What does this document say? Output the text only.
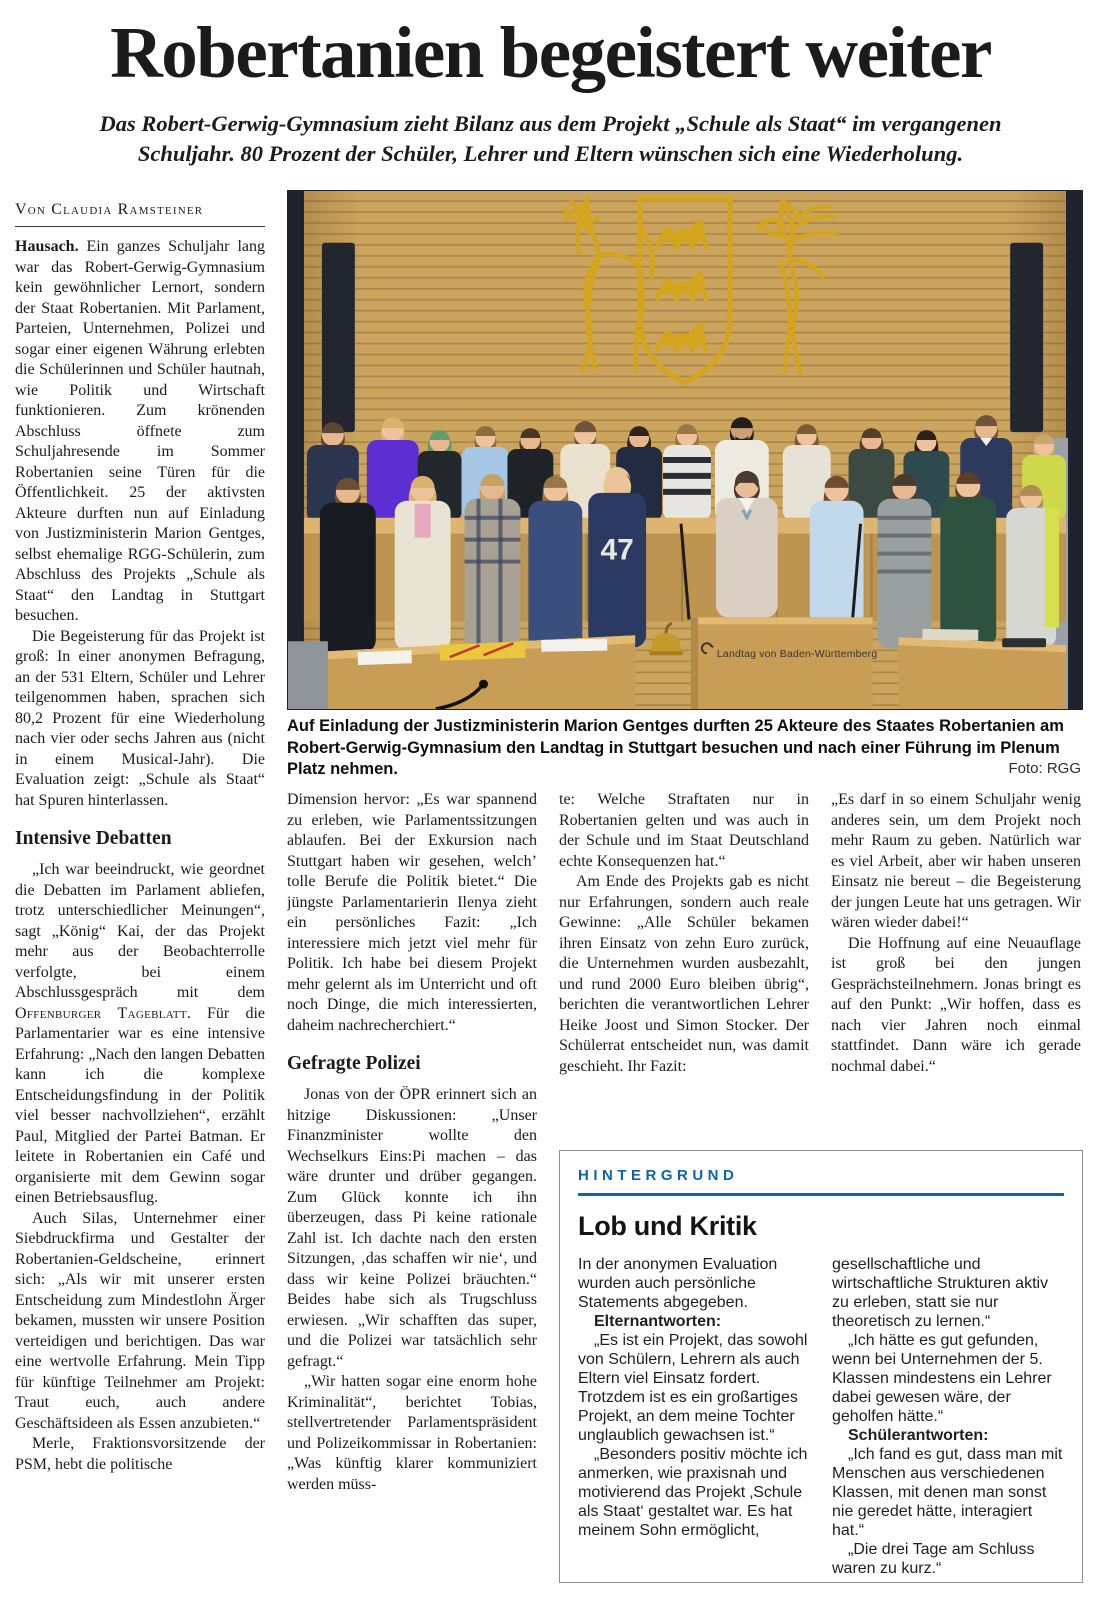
Robertanien begeistert weiter

Das Robert-Gerwig-Gymnasium zieht Bilanz aus dem Projekt „Schule als Staat“ im vergangenen Schuljahr. 80 Prozent der Schüler, Lehrer und Eltern wünschen sich eine Wiederholung.

Von Claudia Ramsteiner

Hausach. Ein ganzes Schuljahr lang war das Robert-Gerwig-Gymnasium kein gewöhnlicher Lernort, sondern der Staat Robertanien. Mit Parlament, Parteien, Unternehmen, Polizei und sogar einer eigenen Währung erlebten die Schülerinnen und Schüler hautnah, wie Politik und Wirtschaft funktionieren. Zum krönenden Abschluss öffnete zum Schuljahresende im Sommer Robertanien seine Türen für die Öffentlichkeit. 25 der aktivsten Akteure durften nun auf Einladung von Justizministerin Marion Gentges, selbst ehemalige RGG-Schülerin, zum Abschluss des Projekts „Schule als Staat“ den Landtag in Stuttgart besuchen.

Die Begeisterung für das Projekt ist groß: In einer anonymen Befragung, an der 531 Eltern, Schüler und Lehrer teilgenommen haben, sprachen sich 80,2 Prozent für eine Wiederholung nach vier oder sechs Jahren aus (nicht in einem Musical-Jahr). Die Evaluation zeigt: „Schule als Staat“ hat Spuren hinterlassen.

Intensive Debatten

„Ich war beeindruckt, wie geordnet die Debatten im Parlament abliefen, trotz unterschiedlicher Meinungen“, sagt „König“ Kai, der das Projekt mehr aus der Beobachterrolle verfolgte, bei einem Abschlussgespräch mit dem Offenburger Tageblatt. Für die Parlamentarier war es eine intensive Erfahrung: „Nach den langen Debatten kann ich die komplexe Entscheidungsfindung in der Politik viel besser nachvollziehen“, erzählt Paul, Mitglied der Partei Batman. Er leitete in Robertanien ein Café und organisierte mit dem Gewinn sogar einen Betriebsausflug.

Auch Silas, Unternehmer einer Siebdruckfirma und Gestalter der Robertanien-Geldscheine, erinnert sich: „Als wir mit unserer ersten Entscheidung zum Mindestlohn Ärger bekamen, mussten wir unsere Position verteidigen und berichtigen. Das war eine wertvolle Erfahrung. Mein Tipp für künftige Teilnehmer am Projekt: Traut euch, auch andere Geschäftsideen als Essen anzubieten.“

Merle, Fraktionsvorsitzende der PSM, hebt die politische

47
Landtag von Baden-Württemberg
Auf Einladung der Justizministerin Marion Gentges durften 25 Akteure des Staates Robertanien am Robert-Gerwig-Gymnasium den Landtag in Stuttgart besuchen und nach einer Führung im Plenum Platz nehmen.	Foto: RGG

Dimension hervor: „Es war spannend zu erleben, wie Parlamentssitzungen ablaufen. Bei der Exkursion nach Stuttgart haben wir gesehen, welch’ tolle Berufe die Politik bietet.“ Die jüngste Parlamentarierin Ilenya zieht ein persönliches Fazit: „Ich interessiere mich jetzt viel mehr für Politik. Ich habe bei diesem Projekt mehr gelernt als im Unterricht und oft noch Dinge, die mich interessierten, daheim nachrecherchiert.“

Gefragte Polizei

Jonas von der ÖPR erinnert sich an hitzige Diskussionen: „Unser Finanzminister wollte den Wechselkurs Eins:Pi machen – das wäre drunter und drüber gegangen. Zum Glück konnte ich ihn überzeugen, dass Pi keine rationale Zahl ist. Ich dachte nach den ersten Sitzungen, ‚das schaffen wir nie‘, und dass wir keine Polizei bräuchten.“ Beides habe sich als Trugschluss erwiesen. „Wir schafften das super, und die Polizei war tatsächlich sehr gefragt.“

„Wir hatten sogar eine enorm hohe Kriminalität“, berichtet Tobias, stellvertretender Parlamentspräsident und Polizeikommissar in Robertanien: „Was künftig klarer kommuniziert werden müss-

te: Welche Straftaten nur in Robertanien gelten und was auch in der Schule und im Staat Deutschland echte Konsequenzen hat.“

Am Ende des Projekts gab es nicht nur Erfahrungen, sondern auch reale Gewinne: „Alle Schüler bekamen ihren Einsatz von zehn Euro zurück, die Unternehmen wurden ausbezahlt, und rund 2000 Euro bleiben übrig“, berichten die verantwortlichen Lehrer Heike Joost und Simon Stocker. Der Schülerrat entscheidet nun, was damit geschieht. Ihr Fazit:

„Es darf in so einem Schuljahr wenig anderes sein, um dem Projekt noch mehr Raum zu geben. Natürlich war es viel Arbeit, aber wir haben unseren Einsatz nie bereut – die Begeisterung der jungen Leute hat uns getragen. Wir wären wieder dabei!“

Die Hoffnung auf eine Neuauflage ist groß bei den jungen Gesprächsteilnehmern. Jonas bringt es auf den Punkt: „Wir hoffen, dass es nach vier Jahren noch einmal stattfindet. Dann wäre ich gerade nochmal dabei.“

HINTERGRUND
Lob und Kritik

In der anonymen Evaluation wurden auch persönliche Statements abgegeben.

Elternantworten:

„Es ist ein Projekt, das sowohl von Schülern, Lehrern als auch Eltern viel Einsatz fordert. Trotzdem ist es ein großartiges Projekt, an dem meine Tochter unglaublich gewachsen ist.“

„Besonders positiv möchte ich anmerken, wie praxisnah und motivierend das Projekt ‚Schule als Staat‘ gestaltet war. Es hat meinem Sohn ermöglicht,

gesellschaftliche und wirtschaftliche Strukturen aktiv zu erleben, statt sie nur theoretisch zu lernen.“

„Ich hätte es gut gefunden, wenn bei Unternehmen der 5. Klassen mindestens ein Lehrer dabei gewesen wäre, der geholfen hätte.“

Schülerantworten:

„Ich fand es gut, dass man mit Menschen aus verschiedenen Klassen, mit denen man sonst nie geredet hätte, interagiert hat.“

„Die drei Tage am Schluss waren zu kurz.“
